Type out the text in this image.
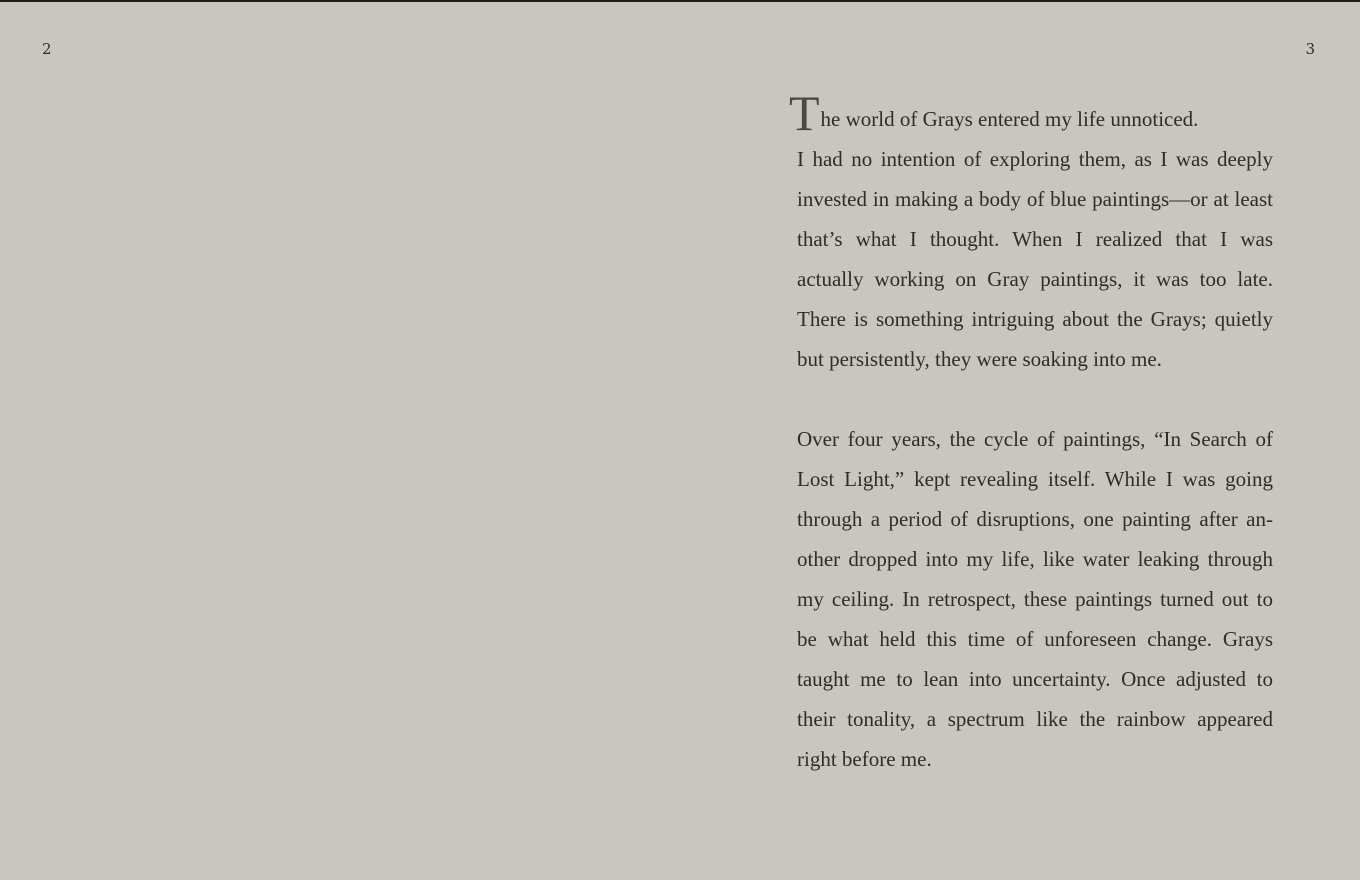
2	3

The world of Grays entered my life unnoticed.

I had no intention of exploring them, as I was deeply invested in making a body of blue paintings—or at least that’s what I thought. When I realized that I was actually working on Gray paintings, it was too late. There is something intriguing about the Grays; quietly but persistently, they were soaking into me.

Over four years, the cycle of paintings, “In Search of Lost Light,” kept revealing itself. While I was going through a period of disruptions, one painting after another dropped into my life, like water leaking through my ceiling. In retrospect, these paintings turned out to be what held this time of unforeseen change. Grays taught me to lean into uncertainty. Once adjusted to their tonality, a spectrum like the rainbow appeared right before me.
